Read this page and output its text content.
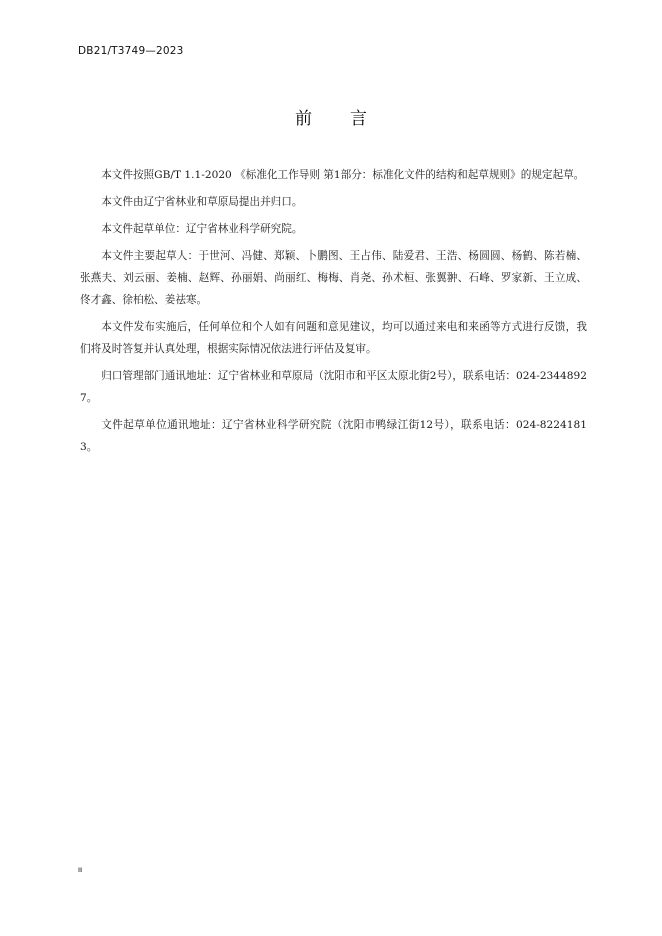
DB21/T3749—2023
前 言

本文件按照GB/T 1.1-2020 《标准化工作导则 第1部分：标准化文件的结构和起草规则》的规定起草。

本文件由辽宁省林业和草原局提出并归口。

本文件起草单位：辽宁省林业科学研究院。

本文件主要起草人：于世河、冯健、郑颖、卜鹏图、王占伟、陆爱君、王浩、杨圆圆、杨鹤、陈若楠、张燕夫、刘云丽、姜楠、赵辉、孙丽娟、尚丽红、梅梅、肖尧、孙术桓、张翼翀、石峰、罗家新、王立成、佟才鑫、徐柏松、姜祛寒。

本文件发布实施后，任何单位和个人如有问题和意见建议，均可以通过来电和来函等方式进行反馈，我们将及时答复并认真处理，根据实际情况依法进行评估及复审。

归口管理部门通讯地址：辽宁省林业和草原局（沈阳市和平区太原北街2号），联系电话：024-23448927。

文件起草单位通讯地址：辽宁省林业科学研究院（沈阳市鸭绿江街12号），联系电话：024-82241813。

Ⅲ
